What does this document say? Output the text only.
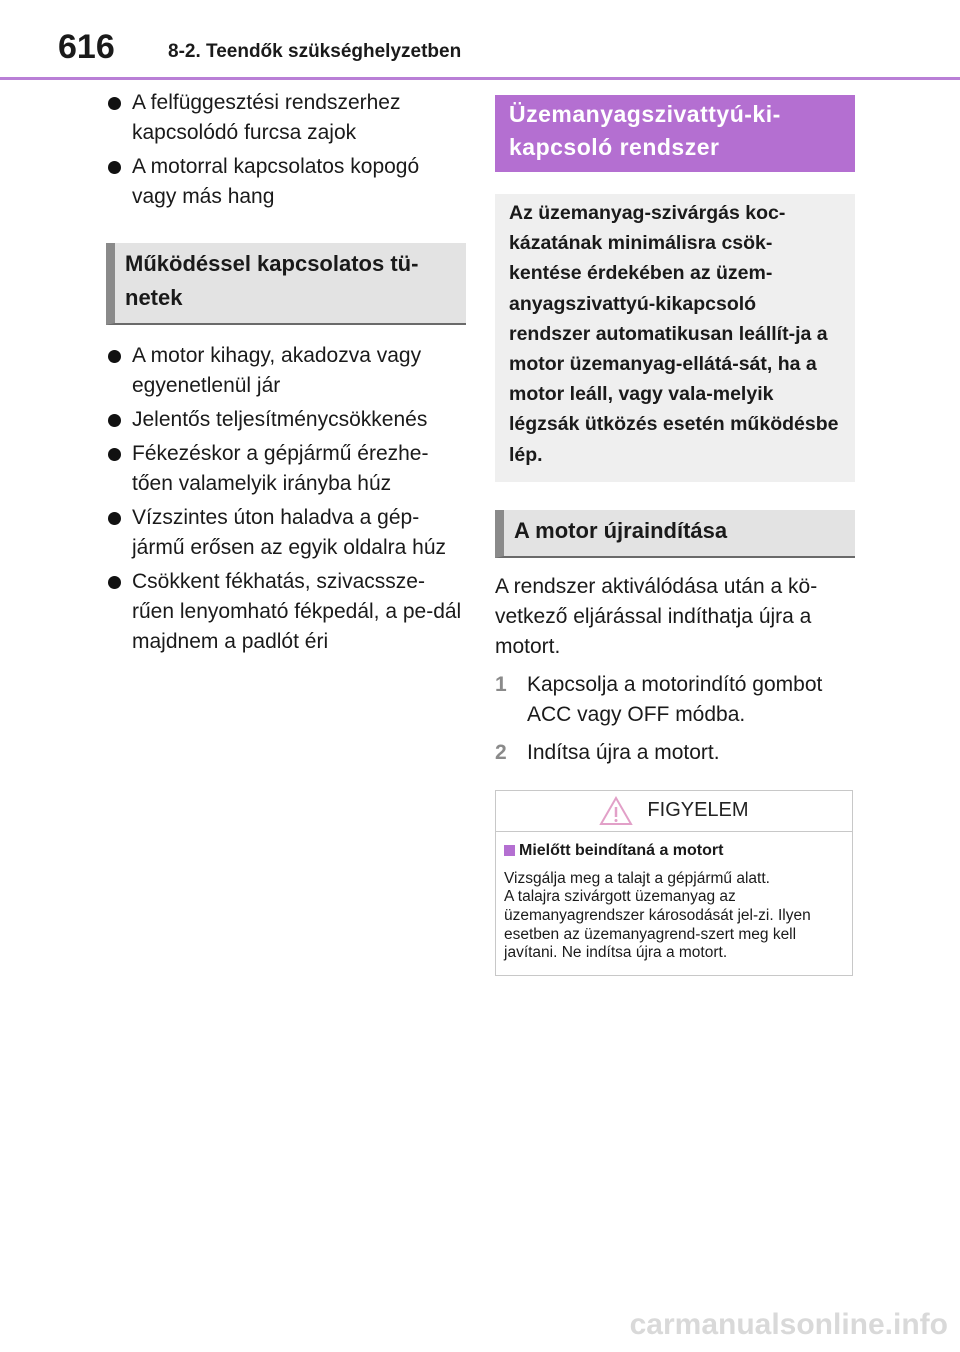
616	8-2. Teendők szükséghelyzetben
A felfüggesztési rendszerhez kapcsolódó furcsa zajok
A motorral kapcsolatos kopogó vagy más hang
Működéssel kapcsolatos tü-netek
A motor kihagy, akadozva vagy egyenetlenül jár
Jelentős teljesítménycsökkenés
Fékezéskor a gépjármű érezhe-tően valamelyik irányba húz
Vízszintes úton haladva a gép-jármű erősen az egyik oldalra húz
Csökkent fékhatás, szivacssze-rűen lenyomható fékpedál, a pe-dál majdnem a padlót éri
Üzemanyagszivattyú-ki-kapcsoló rendszer
Az üzemanyag-szivárgás koc-kázatának minimálisra csök-kentése érdekében az üzem-anyagszivattyú-kikapcsoló rendszer automatikusan leállít-ja a motor üzemanyag-ellátá-sát, ha a motor leáll, vagy vala-melyik légzsák ütközés esetén működésbe lép.
A motor újraindítása

A rendszer aktiválódása után a kö-vetkező eljárással indíthatja újra a motort.

1 Kapcsolja a motorindító gombot ACC vagy OFF módba.
2 Indítsa újra a motort.
FIGYELEM
Mielőtt beindítaná a motort

Vizsgálja meg a talajt a gépjármű alatt.
A talajra szivárgott üzemanyag az üzemanyagrendszer károsodását jel-zi. Ilyen esetben az üzemanyagrend-szert meg kell javítani. Ne indítsa újra a motort.

carmanualsonline.info
